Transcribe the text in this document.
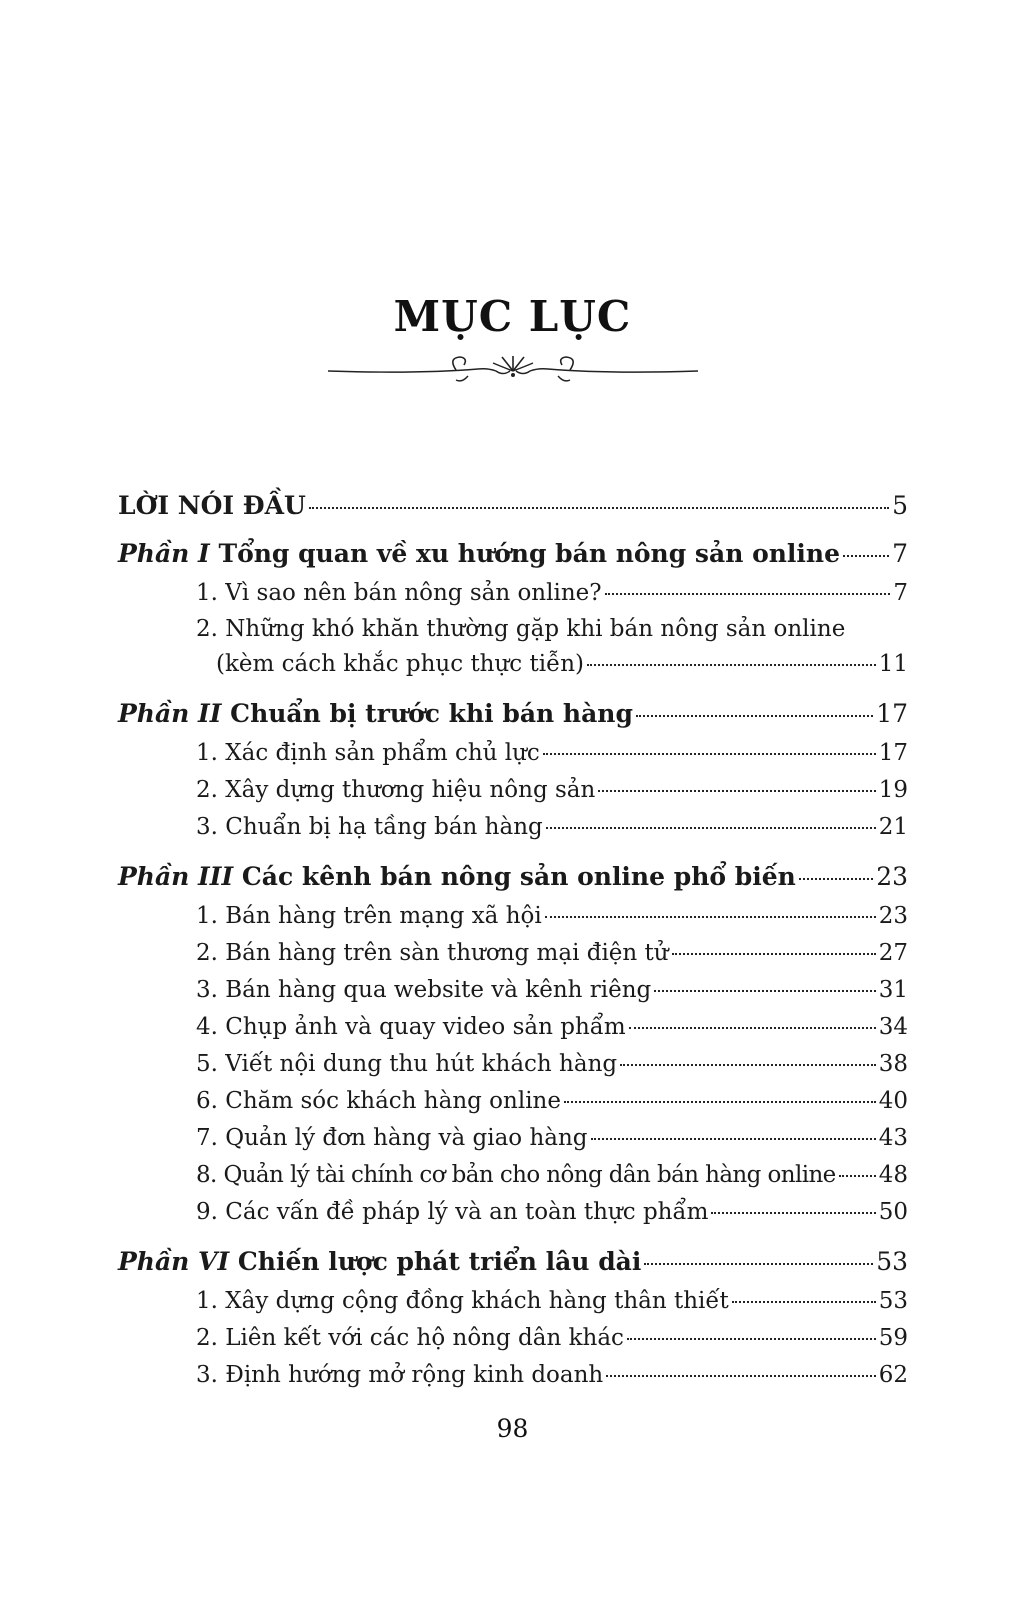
MỤC LỤC
LỜI NÓI ĐẦU	5
Phần I Tổng quan về xu hướng bán nông sản online 7
1. Vì sao nên bán nông sản online?	7
2. Những khó khăn thường gặp khi bán nông sản online
(kèm cách khắc phục thực tiễn)	11
Phần II Chuẩn bị trước khi bán hàng	17
1. Xác định sản phẩm chủ lực	17
2. Xây dựng thương hiệu nông sản	19
3. Chuẩn bị hạ tầng bán hàng	21
Phần III Các kênh bán nông sản online phổ biến	23
1. Bán hàng trên mạng xã hội	23
2. Bán hàng trên sàn thương mại điện tử	27
3. Bán hàng qua website và kênh riêng	31
4. Chụp ảnh và quay video sản phẩm	34
5. Viết nội dung thu hút khách hàng	38
6. Chăm sóc khách hàng online	40
7. Quản lý đơn hàng và giao hàng	43
8. Quản lý tài chính cơ bản cho nông dân bán hàng online 48
9. Các vấn đề pháp lý và an toàn thực phẩm	50
Phần VI Chiến lược phát triển lâu dài	53
1. Xây dựng cộng đồng khách hàng thân thiết	53
2. Liên kết với các hộ nông dân khác	59
3. Định hướng mở rộng kinh doanh	62
98
